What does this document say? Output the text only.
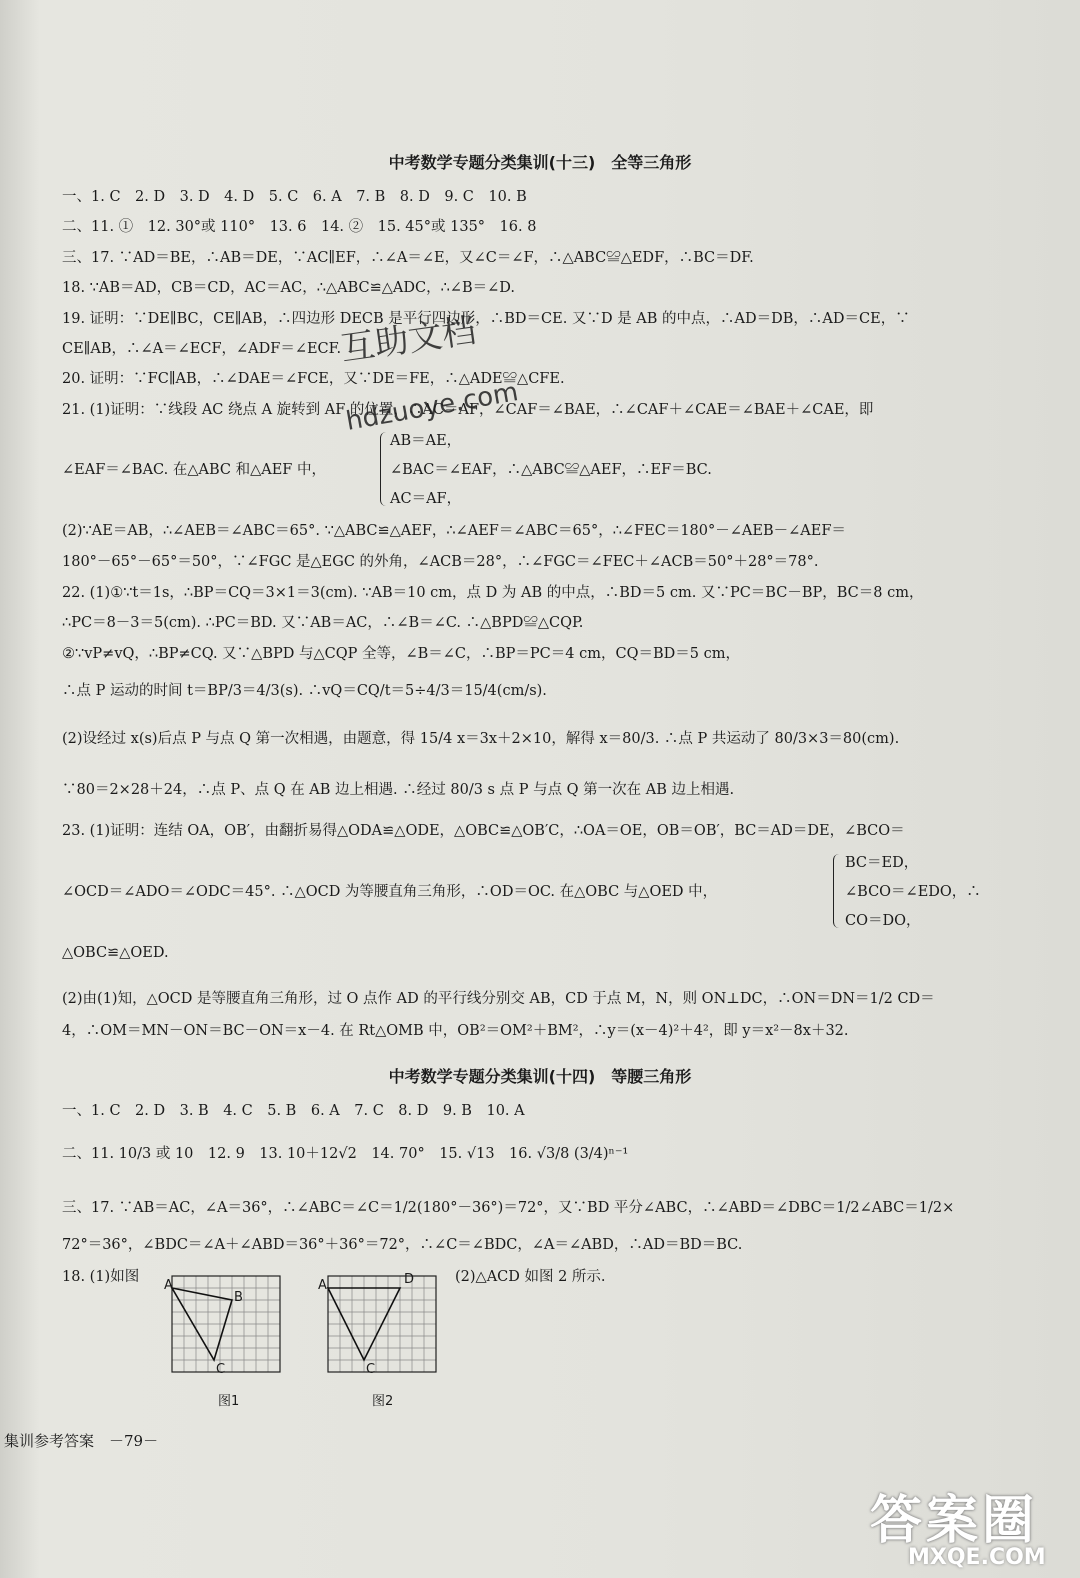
中考数学专题分类集训(十三)　全等三角形
一、1. C　2. D　3. D　4. D　5. C　6. A　7. B　8. D　9. C　10. B
二、11. ①　12. 30°或 110°　13. 6　14. ②　15. 45°或 135°　16. 8
三、17. ∵AD＝BE，∴AB＝DE，∵AC∥EF，∴∠A＝∠E，又∠C＝∠F，∴△ABC≌△EDF，∴BC＝DF.
18. ∵AB＝AD，CB＝CD，AC＝AC，∴△ABC≌△ADC，∴∠B＝∠D.
19. 证明：∵DE∥BC，CE∥AB，∴四边形 DECB 是平行四边形，∴BD＝CE. 又∵D 是 AB 的中点，∴AD＝DB，∴AD＝CE，∵
CE∥AB，∴∠A＝∠ECF，∠ADF＝∠ECF.
20. 证明：∵FC∥AB，∴∠DAE＝∠FCE，又∵DE＝FE，∴△ADE≌△CFE.
21. (1)证明：∵线段 AC 绕点 A 旋转到 AF 的位置，∴AC＝AF，∠CAF＝∠BAE，∴∠CAF＋∠CAE＝∠BAE＋∠CAE，即
∠EAF＝∠BAC. 在△ABC 和△AEF 中，
AB＝AE，
∠BAC＝∠EAF，∴△ABC≌△AEF，∴EF＝BC.
AC＝AF，
(2)∵AE＝AB，∴∠AEB＝∠ABC＝65°. ∵△ABC≌△AEF，∴∠AEF＝∠ABC＝65°，∴∠FEC＝180°－∠AEB－∠AEF＝
180°－65°－65°＝50°，∵∠FGC 是△EGC 的外角，∠ACB＝28°，∴∠FGC＝∠FEC＋∠ACB＝50°＋28°＝78°.
22. (1)①∵t＝1s，∴BP＝CQ＝3×1＝3(cm). ∵AB＝10 cm，点 D 为 AB 的中点，∴BD＝5 cm. 又∵PC＝BC－BP，BC＝8 cm，
∴PC＝8－3＝5(cm). ∴PC＝BD. 又∵AB＝AC，∴∠B＝∠C. ∴△BPD≌△CQP.
②∵vP≠vQ，∴BP≠CQ. 又∵△BPD 与△CQP 全等，∠B＝∠C，∴BP＝PC＝4 cm，CQ＝BD＝5 cm，
∴点 P 运动的时间 t＝BP/3＝4/3(s). ∴vQ＝CQ/t＝5÷4/3＝15/4(cm/s).
(2)设经过 x(s)后点 P 与点 Q 第一次相遇，由题意，得 15/4 x＝3x＋2×10，解得 x＝80/3. ∴点 P 共运动了 80/3×3＝80(cm).
∵80＝2×28＋24，∴点 P、点 Q 在 AB 边上相遇. ∴经过 80/3 s 点 P 与点 Q 第一次在 AB 边上相遇.
23. (1)证明：连结 OA，OB′，由翻折易得△ODA≌△ODE，△OBC≌△OB′C，∴OA＝OE，OB＝OB′，BC＝AD＝DE，∠BCO＝
∠OCD＝∠ADO＝∠ODC＝45°. ∴△OCD 为等腰直角三角形，∴OD＝OC. 在△OBC 与△OED 中，
BC＝ED，
∠BCO＝∠EDO，∴
CO＝DO，
△OBC≌△OED.
(2)由(1)知，△OCD 是等腰直角三角形，过 O 点作 AD 的平行线分别交 AB，CD 于点 M，N，则 ON⊥DC，∴ON＝DN＝1/2 CD＝
4，∴OM＝MN－ON＝BC－ON＝x－4. 在 Rt△OMB 中，OB²＝OM²＋BM²，∴y＝(x－4)²＋4²，即 y＝x²－8x＋32.
中考数学专题分类集训(十四)　等腰三角形
一、1. C　2. D　3. B　4. C　5. B　6. A　7. C　8. D　9. B　10. A
二、11. 10/3 或 10　12. 9　13. 10＋12√2　14. 70°　15. √13　16. √3/8 (3/4)ⁿ⁻¹
三、17. ∵AB＝AC，∠A＝36°，∴∠ABC＝∠C＝1/2(180°－36°)＝72°，又∵BD 平分∠ABC，∴∠ABD＝∠DBC＝1/2∠ABC＝1/2×
72°＝36°，∠BDC＝∠A＋∠ABD＝36°＋36°＝72°，∴∠C＝∠BDC，∠A＝∠ABD，∴AD＝BD＝BC.
18. (1)如图	(2)△ACD 如图 2 所示.
A
B
C
图1
A	D
C
图2
集训参考答案　－79－
互助文档
hdzuoye.com
答案圈
MXQE.COM
